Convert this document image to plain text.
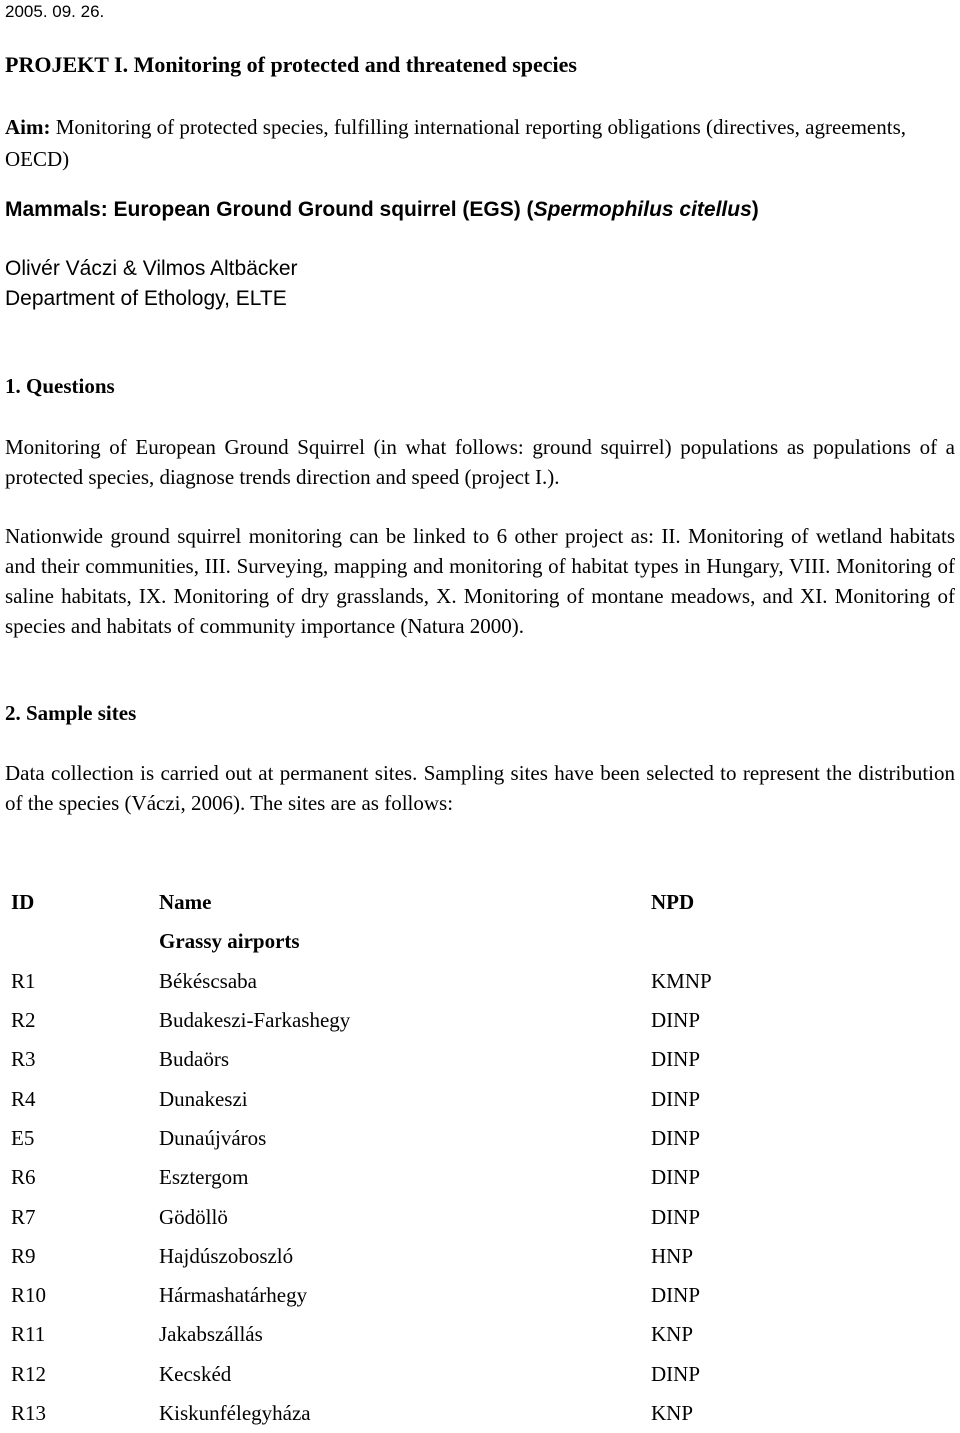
2005. 09. 26.
PROJEKT I. Monitoring of protected and threatened species
Aim: Monitoring of protected species, fulfilling international reporting obligations (directives, agreements, OECD)
Mammals: European Ground Ground squirrel (EGS) (Spermophilus citellus)
Olivér Váczi & Vilmos Altbäcker
Department of Ethology, ELTE
1. Questions
Monitoring of European Ground Squirrel (in what follows: ground squirrel) populations as populations of a protected species, diagnose trends direction and speed (project I.).
Nationwide ground squirrel monitoring can be linked to 6 other project as: II. Monitoring of wetland habitats and their communities, III. Surveying, mapping and monitoring of habitat types in Hungary, VIII. Monitoring of saline habitats, IX. Monitoring of dry grasslands, X. Monitoring of montane meadows, and XI. Monitoring of species and habitats of community importance (Natura 2000).
2. Sample sites
Data collection is carried out at permanent sites. Sampling sites have been selected to represent the distribution of the species (Váczi, 2006). The sites are as follows:
ID	Name	NPD
	Grassy airports	
R1	Békéscsaba	KMNP
R2	Budakeszi-Farkashegy	DINP
R3	Budaörs	DINP
R4	Dunakeszi	DINP
E5	Dunaújváros	DINP
R6	Esztergom	DINP
R7	Gödöllö	DINP
R9	Hajdúszoboszló	HNP
R10	Hármashatárhegy	DINP
R11	Jakabszállás	KNP
R12	Kecskéd	DINP
R13	Kiskunfélegyháza	KNP
